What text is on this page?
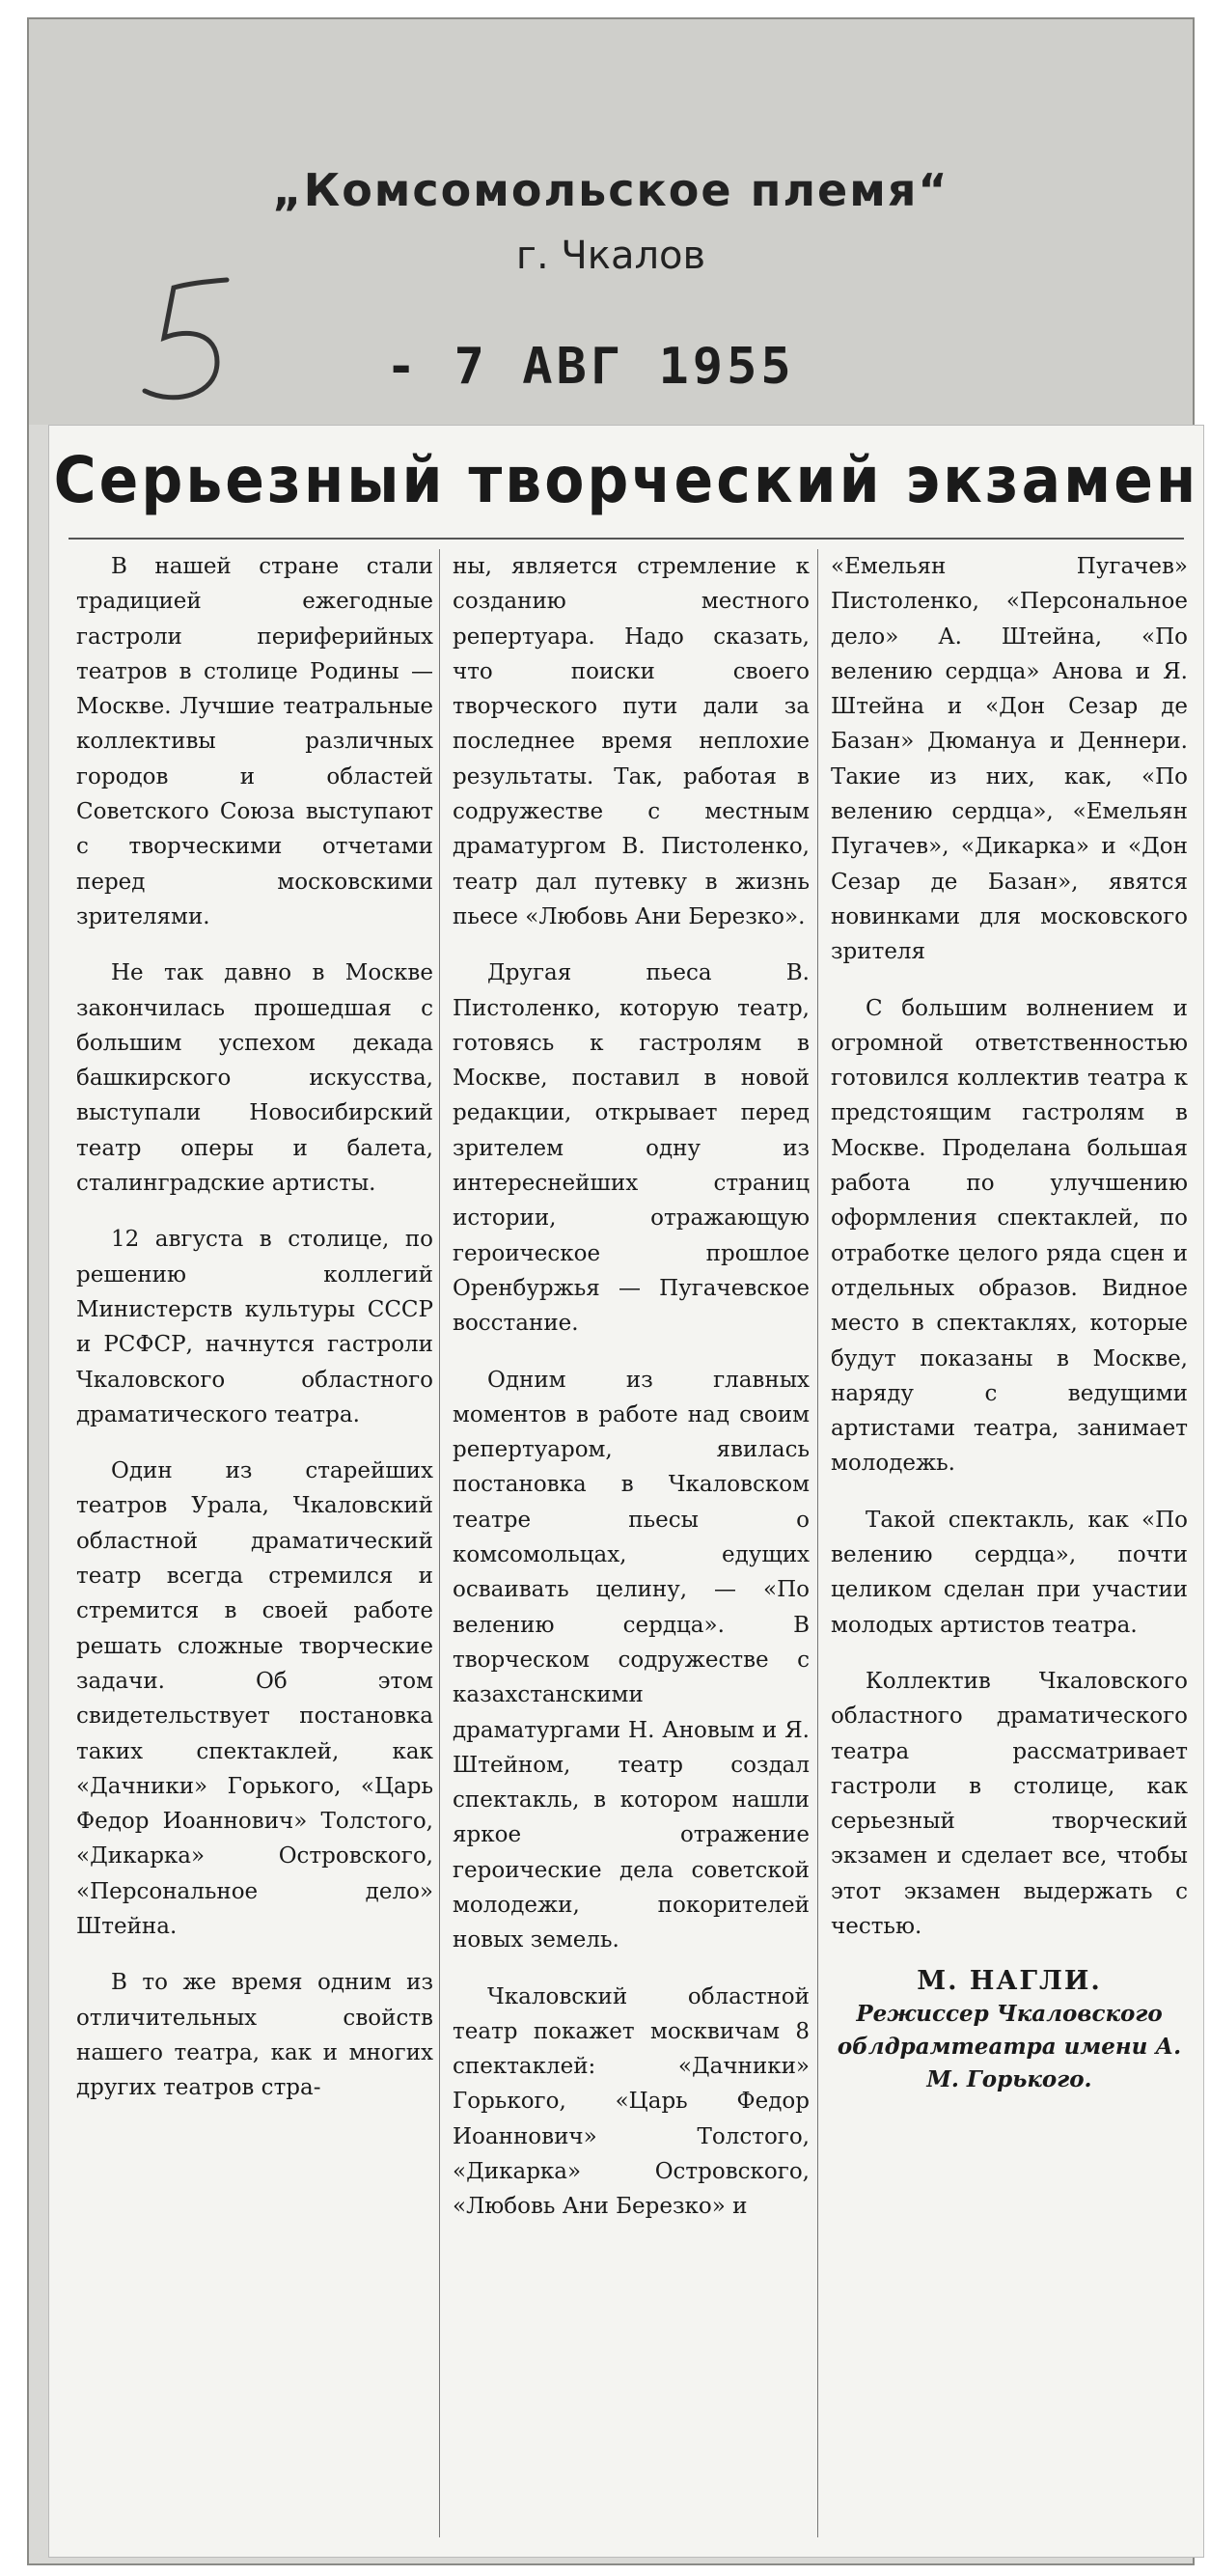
„Комсомольское племя“
г. Чкалов
- 7 АВГ 1955
Серьезный творческий экзамен

В нашей стране стали традицией ежегодные гастроли периферийных театров в столице Родины — Москве. Лучшие театральные коллективы различных городов и областей Советского Союза выступают с творческими отчетами перед московскими зрителями.

Не так давно в Москве закончилась прошедшая с большим успехом декада башкирского искусства, выступали Новосибирский театр оперы и балета, сталинградские артисты.

12 августа в столице, по решению коллегий Министерств культуры СССР и РСФСР, начнутся гастроли Чкаловского областного драматического театра.

Один из старейших театров Урала, Чкаловский областной драматический театр всегда стремился и стремится в своей работе решать сложные творческие задачи. Об этом свидетельствует постановка таких спектаклей, как «Дачники» Горького, «Царь Федор Иоаннович» Толстого, «Дикарка» Островского, «Персональное дело» Штейна.

В то же время одним из отличительных свойств нашего театра, как и многих других театров стра-

ны, является стремление к созданию местного репертуара. Надо сказать, что поиски своего творческого пути дали за последнее время неплохие результаты. Так, работая в содружестве с местным драматургом В. Пистоленко, театр дал путевку в жизнь пьесе «Любовь Ани Березко».

Другая пьеса В. Пистоленко, которую театр, готовясь к гастролям в Москве, поставил в новой редакции, открывает перед зрителем одну из интереснейших страниц истории, отражающую героическое прошлое Оренбуржья — Пугачевское восстание.

Одним из главных моментов в работе над своим репертуаром, явилась постановка в Чкаловском театре пьесы о комсомольцах, едущих осваивать целину, — «По велению сердца». В творческом содружестве с казахстанскими драматургами Н. Ановым и Я. Штейном, театр создал спектакль, в котором нашли яркое отражение героические дела советской молодежи, покорителей новых земель.

Чкаловский областной театр покажет москвичам 8 спектаклей: «Дачники» Горького, «Царь Федор Иоаннович» Толстого, «Дикарка» Островского, «Любовь Ани Березко» и

«Емельян Пугачев» Пистоленко, «Персональное дело» А. Штейна, «По велению сердца» Анова и Я. Штейна и «Дон Сезар де Базан» Дюмануа и Деннери. Такие из них, как, «По велению сердца», «Емельян Пугачев», «Дикарка» и «Дон Сезар де Базан», явятся новинками для московского зрителя

С большим волнением и огромной ответственностью готовился коллектив театра к предстоящим гастролям в Москве. Проделана большая работа по улучшению оформления спектаклей, по отработке целого ряда сцен и отдельных образов. Видное место в спектаклях, которые будут показаны в Москве, наряду с ведущими артистами театра, занимает молодежь.

Такой спектакль, как «По велению сердца», почти целиком сделан при участии молодых артистов театра.

Коллектив Чкаловского областного драматического театра рассматривает гастроли в столице, как серьезный творческий экзамен и сделает все, чтобы этот экзамен выдержать с честью.

М. НАГЛИ.
Режиссер Чкаловского облдрамтеатра имени А. М. Горького.
